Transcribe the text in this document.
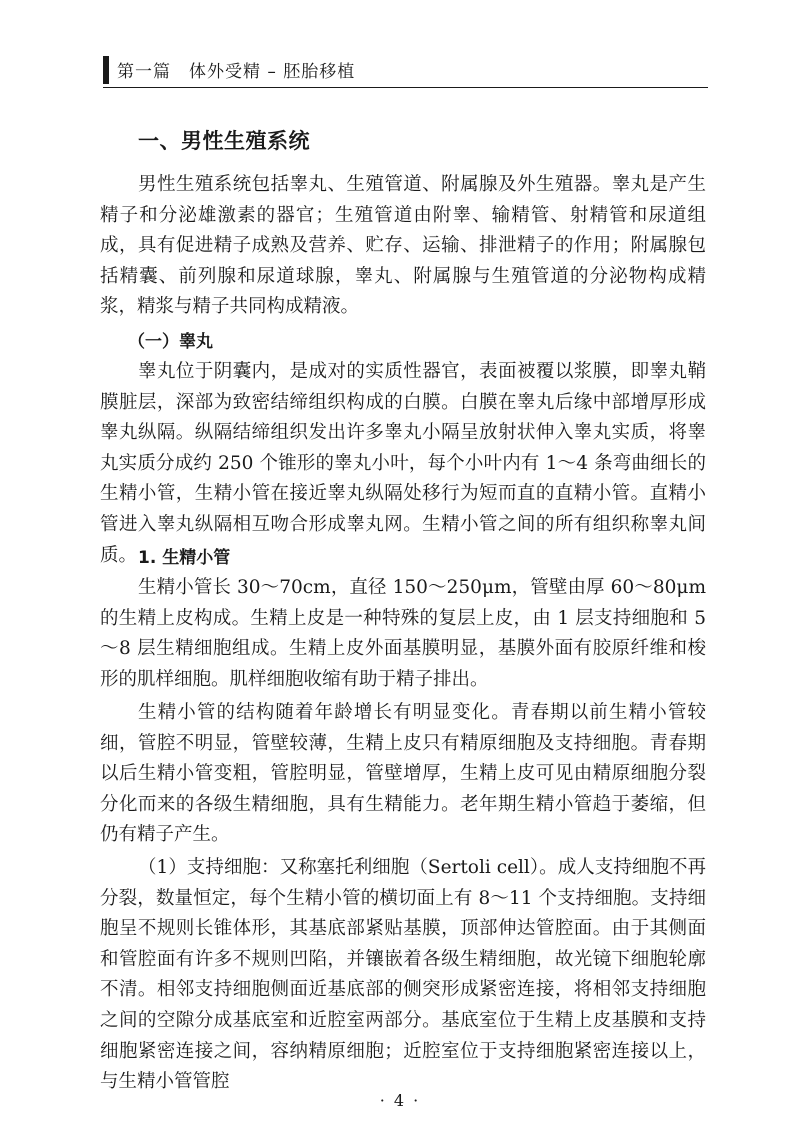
第一篇　体外受精 – 胚胎移植
一、男性生殖系统

男性生殖系统包括睾丸、生殖管道、附属腺及外生殖器。睾丸是产生精子和分泌雄激素的器官；生殖管道由附睾、输精管、射精管和尿道组成，具有促进精子成熟及营养、贮存、运输、排泄精子的作用；附属腺包括精囊、前列腺和尿道球腺，睾丸、附属腺与生殖管道的分泌物构成精浆，精浆与精子共同构成精液。

（一）睾丸

睾丸位于阴囊内，是成对的实质性器官，表面被覆以浆膜，即睾丸鞘膜脏层，深部为致密结缔组织构成的白膜。白膜在睾丸后缘中部增厚形成睾丸纵隔。纵隔结缔组织发出许多睾丸小隔呈放射状伸入睾丸实质，将睾丸实质分成约 250 个锥形的睾丸小叶，每个小叶内有 1～4 条弯曲细长的生精小管，生精小管在接近睾丸纵隔处移行为短而直的直精小管。直精小管进入睾丸纵隔相互吻合形成睾丸网。生精小管之间的所有组织称睾丸间质。 1. 生精小管

生精小管长 30～70cm，直径 150～250μm，管壁由厚 60～80μm 的生精上皮构成。生精上皮是一种特殊的复层上皮，由 1 层支持细胞和 5～8 层生精细胞组成。生精上皮外面基膜明显，基膜外面有胶原纤维和梭形的肌样细胞。肌样细胞收缩有助于精子排出。

生精小管的结构随着年龄增长有明显变化。青春期以前生精小管较细，管腔不明显，管壁较薄，生精上皮只有精原细胞及支持细胞。青春期以后生精小管变粗，管腔明显，管壁增厚，生精上皮可见由精原细胞分裂分化而来的各级生精细胞，具有生精能力。老年期生精小管趋于萎缩，但仍有精子产生。

（1）支持细胞：又称塞托利细胞（Sertoli cell）。成人支持细胞不再分裂，数量恒定，每个生精小管的横切面上有 8～11 个支持细胞。支持细胞呈不规则长锥体形，其基底部紧贴基膜，顶部伸达管腔面。由于其侧面和管腔面有许多不规则凹陷，并镶嵌着各级生精细胞，故光镜下细胞轮廓不清。相邻支持细胞侧面近基底部的侧突形成紧密连接，将相邻支持细胞之间的空隙分成基底室和近腔室两部分。基底室位于生精上皮基膜和支持细胞紧密连接之间，容纳精原细胞；近腔室位于支持细胞紧密连接以上，与生精小管管腔

· 4 ·
